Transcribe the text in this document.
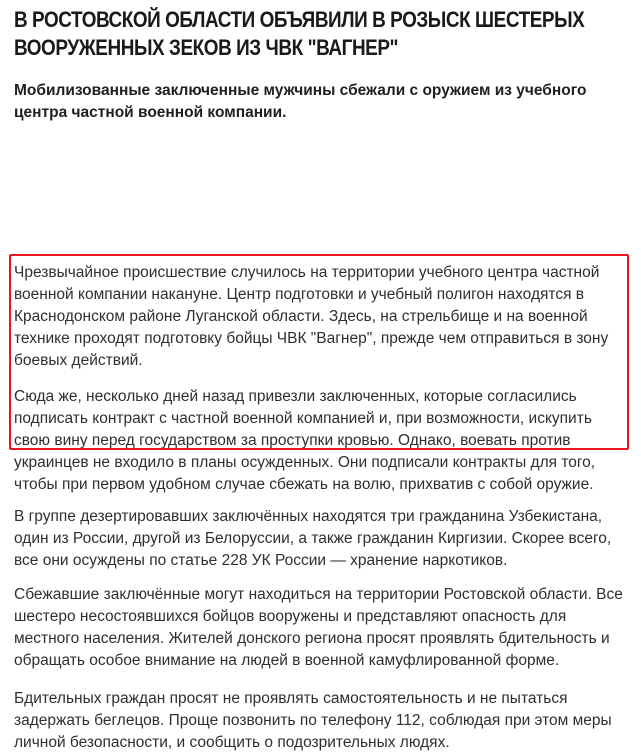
В РОСТОВСКОЙ ОБЛАСТИ ОБЪЯВИЛИ В РОЗЫСК ШЕСТЕРЫХ ВООРУЖЕННЫХ ЗЕКОВ ИЗ ЧВК "ВАГНЕР"

Мобилизованные заключенные мужчины сбежали с оружием из учебного центра частной военной компании.

Чрезвычайное происшествие случилось на территории учебного центра частной военной компании накануне. Центр подготовки и учебный полигон находятся в Краснодонском районе Луганской области. Здесь, на стрельбище и на военной технике проходят подготовку бойцы ЧВК "Вагнер", прежде чем отправиться в зону боевых действий.

Сюда же, несколько дней назад привезли заключенных, которые согласились подписать контракт с частной военной компанией и, при возможности, искупить свою вину перед государством за проступки кровью. Однако, воевать против украинцев не входило в планы осужденных. Они подписали контракты для того, чтобы при первом удобном случае сбежать на волю, прихватив с собой оружие.

В группе дезертировавших заключённых находятся три гражданина Узбекистана, один из России, другой из Белоруссии, а также гражданин Киргизии. Скорее всего, все они осуждены по статье 228 УК России — хранение наркотиков.

Сбежавшие заключённые могут находиться на территории Ростовской области. Все шестеро несостоявшихся бойцов вооружены и представляют опасность для местного населения. Жителей донского региона просят проявлять бдительность и обращать особое внимание на людей в военной камуфлированной форме.

Бдительных граждан просят не проявлять самостоятельность и не пытаться задержать беглецов. Проще позвонить по телефону 112, соблюдая при этом меры личной безопасности, и сообщить о подозрительных людях.
